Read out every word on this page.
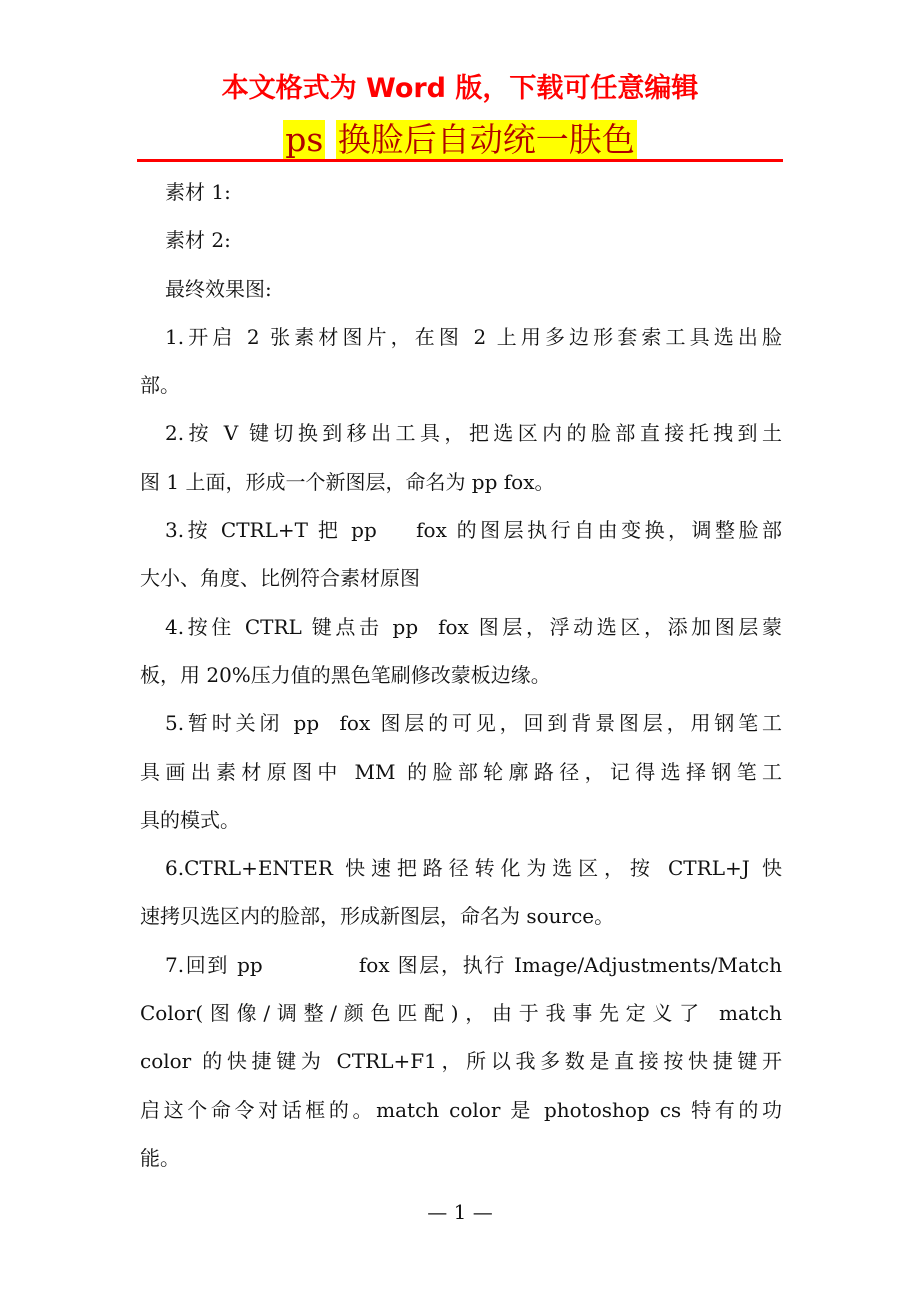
本文格式为 Word 版，下载可任意编辑
ps 换脸后自动统一肤色
素材 1:
素材 2:
最终效果图:
1.开启 2 张素材图片，在图 2 上用多边形套索工具选出脸
部。
2.按 V 键切换到移出工具，把选区内的脸部直接托拽到土
图 1 上面，形成一个新图层，命名为 pp fox。
3.按 CTRL+T 把 pp    fox 的图层执行自由变换，调整脸部
大小、角度、比例符合素材原图
4.按住 CTRL 键点击 pp  fox 图层，浮动选区，添加图层蒙
板，用 20%压力值的黑色笔刷修改蒙板边缘。
5.暂时关闭 pp  fox 图层的可见，回到背景图层，用钢笔工
具画出素材原图中 MM 的脸部轮廓路径，记得选择钢笔工
具的模式。
6.CTRL+ENTER 快速把路径转化为选区，按 CTRL+J 快
速拷贝选区内的脸部，形成新图层，命名为 source。
7.回到 pp            fox 图层，执行 Image/Adjustments/Match
Color(图像/调整/颜色匹配)，由于我事先定义了 match
color 的快捷键为 CTRL+F1，所以我多数是直接按快捷键开
启这个命令对话框的。match color 是 photoshop cs 特有的功
能。
— 1 —
